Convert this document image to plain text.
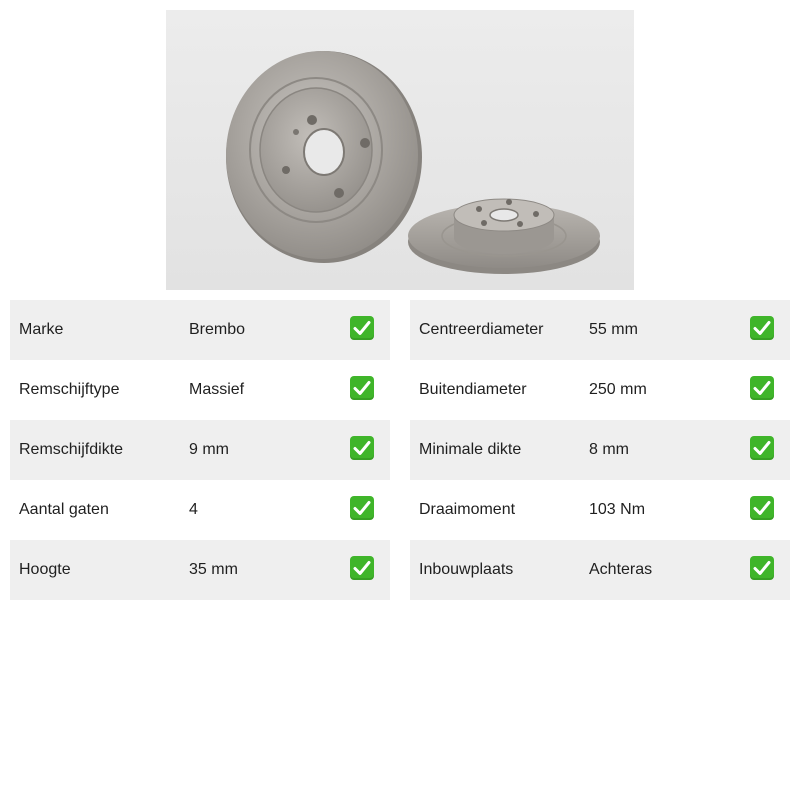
Marke	Brembo
Remschijftype	Massief
Remschijfdikte	9 mm
Aantal gaten	4
Hoogte	35 mm
Centreerdiameter	55 mm
Buitendiameter	250 mm
Minimale dikte	8 mm
Draaimoment	103 Nm
Inbouwplaats	Achteras
